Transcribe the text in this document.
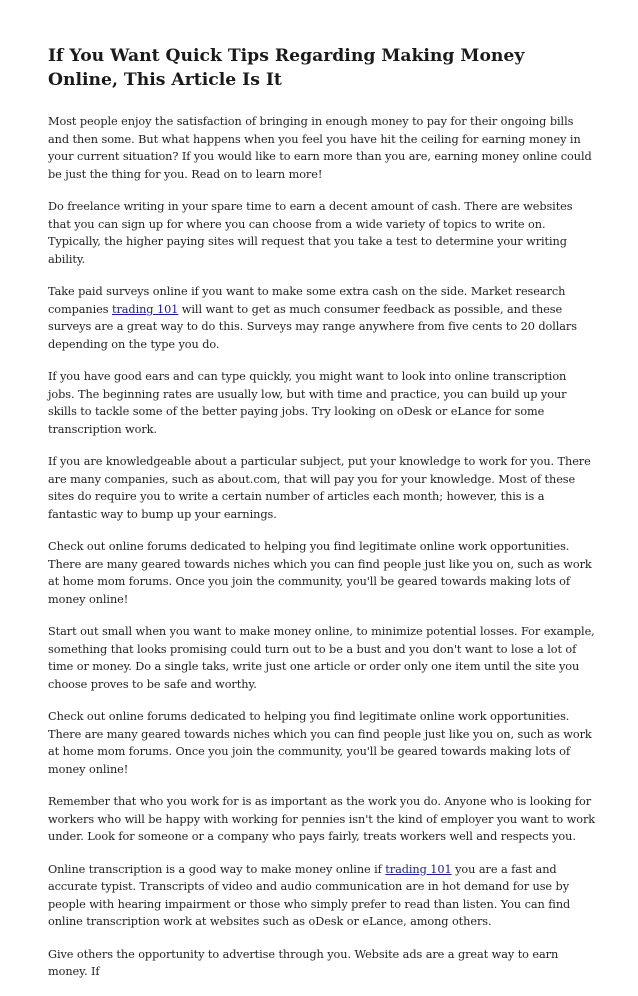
If You Want Quick Tips Regarding Making Money Online, This Article Is It

Most people enjoy the satisfaction of bringing in enough money to pay for their ongoing bills and then some. But what happens when you feel you have hit the ceiling for earning money in your current situation? If you would like to earn more than you are, earning money online could be just the thing for you. Read on to learn more!

Do freelance writing in your spare time to earn a decent amount of cash. There are websites that you can sign up for where you can choose from a wide variety of topics to write on. Typically, the higher paying sites will request that you take a test to determine your writing ability.

Take paid surveys online if you want to make some extra cash on the side. Market research companies trading 101 will want to get as much consumer feedback as possible, and these surveys are a great way to do this. Surveys may range anywhere from five cents to 20 dollars depending on the type you do.

If you have good ears and can type quickly, you might want to look into online transcription jobs. The beginning rates are usually low, but with time and practice, you can build up your skills to tackle some of the better paying jobs. Try looking on oDesk or eLance for some transcription work.

If you are knowledgeable about a particular subject, put your knowledge to work for you. There are many companies, such as about.com, that will pay you for your knowledge. Most of these sites do require you to write a certain number of articles each month; however, this is a fantastic way to bump up your earnings.

Check out online forums dedicated to helping you find legitimate online work opportunities. There are many geared towards niches which you can find people just like you on, such as work at home mom forums. Once you join the community, you'll be geared towards making lots of money online!

Start out small when you want to make money online, to minimize potential losses. For example, something that looks promising could turn out to be a bust and you don't want to lose a lot of time or money. Do a single taks, write just one article or order only one item until the site you choose proves to be safe and worthy.

Check out online forums dedicated to helping you find legitimate online work opportunities. There are many geared towards niches which you can find people just like you on, such as work at home mom forums. Once you join the community, you'll be geared towards making lots of money online!

Remember that who you work for is as important as the work you do. Anyone who is looking for workers who will be happy with working for pennies isn't the kind of employer you want to work under. Look for someone or a company who pays fairly, treats workers well and respects you.

Online transcription is a good way to make money online if trading 101 you are a fast and accurate typist. Transcripts of video and audio communication are in hot demand for use by people with hearing impairment or those who simply prefer to read than listen. You can find online transcription work at websites such as oDesk or eLance, among others.

Give others the opportunity to advertise through you. Website ads are a great way to earn money. If
